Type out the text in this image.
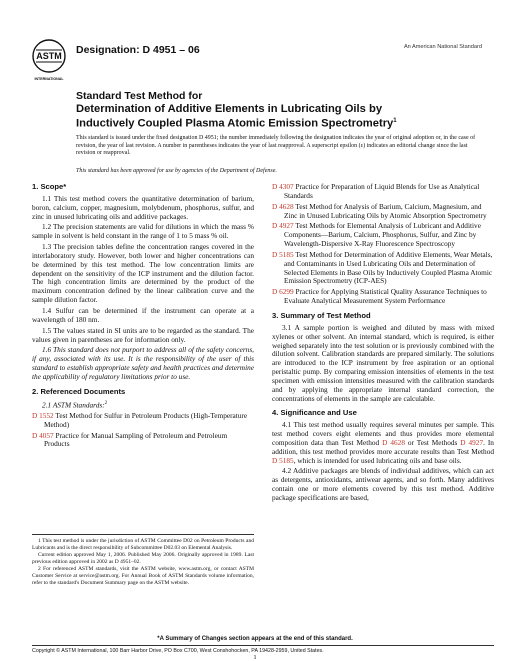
ASTM
INTERNATIONAL
Designation: D 4951 – 06	An American National Standard
Standard Test Method for
Determination of Additive Elements in Lubricating Oils by
Inductively Coupled Plasma Atomic Emission Spectrometry$^1$
This standard is issued under the fixed designation D 4951; the number immediately following the designation indicates the year of original adoption or, in the case of revision, the year of last revision. A number in parentheses indicates the year of last reapproval. A superscript epsilon (ε) indicates an editorial change since the last revision or reapproval.
This standard has been approved for use by agencies of the Department of Defense.
1. Scope*

1.1 This test method covers the quantitative determination of barium, boron, calcium, copper, magnesium, molybdenum, phosphorus, sulfur, and zinc in unused lubricating oils and additive packages.

1.2 The precision statements are valid for dilutions in which the mass % sample in solvent is held constant in the range of 1 to 5 mass % oil.

1.3 The precision tables define the concentration ranges covered in the interlaboratory study. However, both lower and higher concentrations can be determined by this test method. The low concentration limits are dependent on the sensitivity of the ICP instrument and the dilution factor. The high concentration limits are determined by the product of the maximum concentration defined by the linear calibration curve and the sample dilution factor.

1.4 Sulfur can be determined if the instrument can operate at a wavelength of 180 nm.

1.5 The values stated in SI units are to be regarded as the standard. The values given in parentheses are for information only.

1.6 This standard does not purport to address all of the safety concerns, if any, associated with its use. It is the responsibility of the user of this standard to establish appropriate safety and health practices and determine the applicability of regulatory limitations prior to use.

2. Referenced Documents

2.1 ASTM Standards:$^2$

D 1552 Test Method for Sulfur in Petroleum Products (High-Temperature Method)
D 4057 Practice for Manual Sampling of Petroleum and Petroleum Products

1 This test method is under the jurisdiction of ASTM Committee D02 on Petroleum Products and Lubricants and is the direct responsibility of Subcommittee D02.03 on Elemental Analysis.

Current edition approved May 1, 2006. Published May 2006. Originally approved in 1989. Last previous edition approved in 2002 as D 4951–02.

2 For referenced ASTM standards, visit the ASTM website, www.astm.org, or contact ASTM Customer Service at service@astm.org. For Annual Book of ASTM Standards volume information, refer to the standard's Document Summary page on the ASTM website.

D 4307 Practice for Preparation of Liquid Blends for Use as Analytical Standards
D 4628 Test Method for Analysis of Barium, Calcium, Magnesium, and Zinc in Unused Lubricating Oils by Atomic Absorption Spectrometry
D 4927 Test Methods for Elemental Analysis of Lubricant and Additive Components—Barium, Calcium, Phosphorus, Sulfur, and Zinc by Wavelength-Dispersive X-Ray Fluorescence Spectroscopy
D 5185 Test Method for Determination of Additive Elements, Wear Metals, and Contaminants in Used Lubricating Oils and Determination of Selected Elements in Base Oils by Inductively Coupled Plasma Atomic Emission Spectrometry (ICP-AES)
D 6299 Practice for Applying Statistical Quality Assurance Techniques to Evaluate Analytical Measurement System Performance
3. Summary of Test Method

3.1 A sample portion is weighed and diluted by mass with mixed xylenes or other solvent. An internal standard, which is required, is either weighed separately into the test solution or is previously combined with the dilution solvent. Calibration standards are prepared similarly. The solutions are introduced to the ICP instrument by free aspiration or an optional peristaltic pump. By comparing emission intensities of elements in the test specimen with emission intensities measured with the calibration standards and by applying the appropriate internal standard correction, the concentrations of elements in the sample are calculable.

4. Significance and Use

4.1 This test method usually requires several minutes per sample. This test method covers eight elements and thus provides more elemental composition data than Test Method D 4628 or Test Methods D 4927. In addition, this test method provides more accurate results than Test Method D 5185, which is intended for used lubricating oils and base oils.

4.2 Additive packages are blends of individual additives, which can act as detergents, antioxidants, antiwear agents, and so forth. Many additives contain one or more elements covered by this test method. Additive package specifications are based,

*A Summary of Changes section appears at the end of this standard.
Copyright © ASTM International, 100 Barr Harbor Drive, PO Box C700, West Conshohocken, PA 19428-2959, United States.
1
